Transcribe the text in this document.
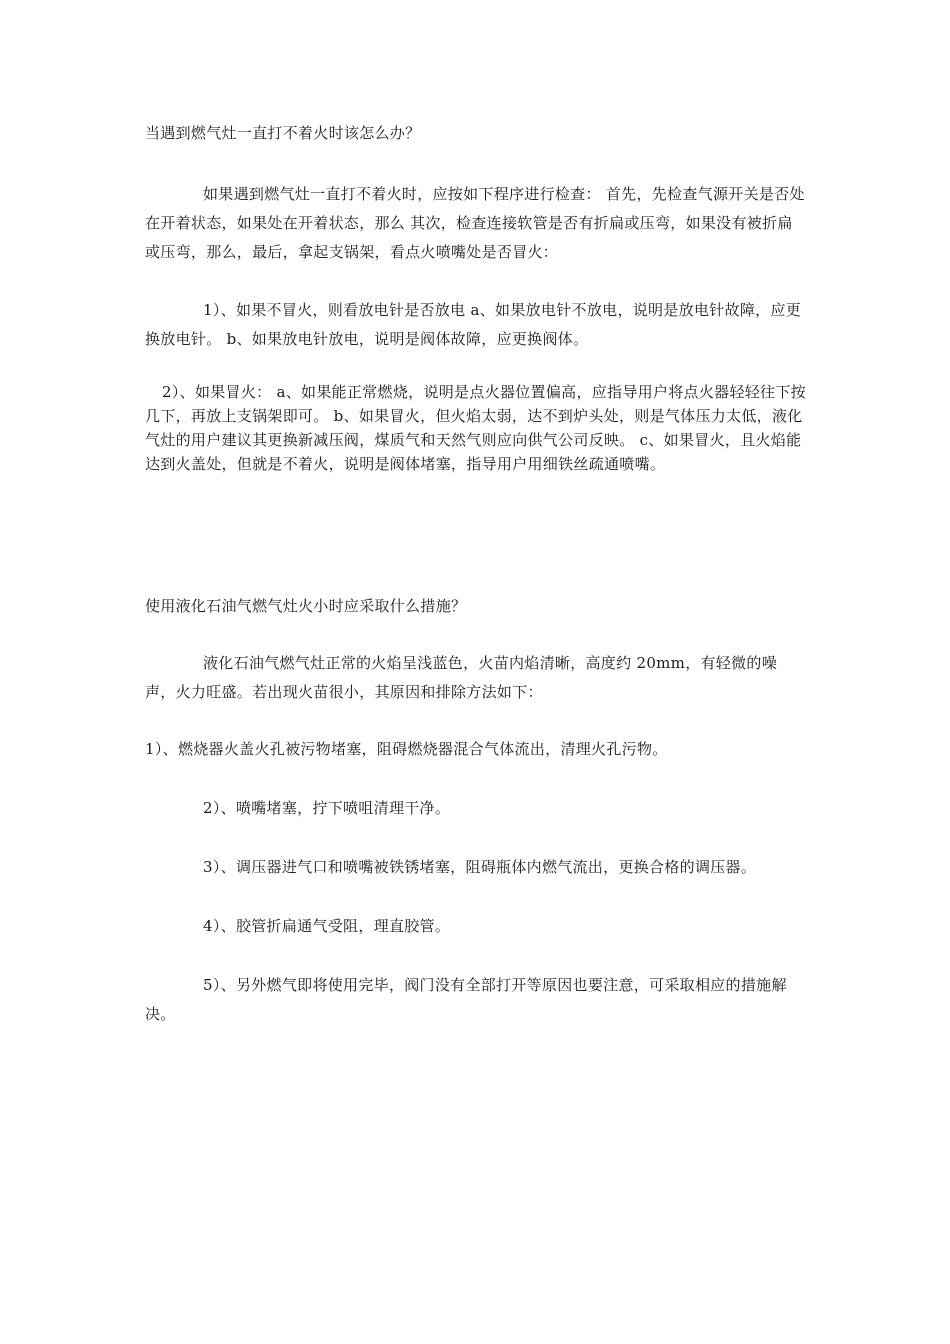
当遇到燃气灶一直打不着火时该怎么办？

如果遇到燃气灶一直打不着火时，应按如下程序进行检查： 首先，先检查气源开关是否处在开着状态，如果处在开着状态，那么 其次，检查连接软管是否有折扁或压弯，如果没有被折扁或压弯，那么，最后，拿起支锅架，看点火喷嘴处是否冒火：

1）、如果不冒火，则看放电针是否放电 a、如果放电针不放电，说明是放电针故障，应更换放电针。 b、如果放电针放电，说明是阀体故障，应更换阀体。

2）、如果冒火： a、如果能正常燃烧，说明是点火器位置偏高，应指导用户将点火器轻轻往下按几下，再放上支锅架即可。 b、如果冒火，但火焰太弱，达不到炉头处，则是气体压力太低，液化气灶的用户建议其更换新减压阀，煤质气和天然气则应向供气公司反映。 c、如果冒火，且火焰能达到火盖处，但就是不着火，说明是阀体堵塞，指导用户用细铁丝疏通喷嘴。

使用液化石油气燃气灶火小时应采取什么措施？

液化石油气燃气灶正常的火焰呈浅蓝色，火苗内焰清晰，高度约 20mm，有轻微的噪声，火力旺盛。若出现火苗很小，其原因和排除方法如下：

1）、燃烧器火盖火孔被污物堵塞，阻碍燃烧器混合气体流出，清理火孔污物。

2）、喷嘴堵塞，拧下喷咀清理干净。

3）、调压器进气口和喷嘴被铁锈堵塞，阻碍瓶体内燃气流出，更换合格的调压器。

4）、胶管折扁通气受阻，理直胶管。

5）、另外燃气即将使用完毕，阀门没有全部打开等原因也要注意，可采取相应的措施解决。
